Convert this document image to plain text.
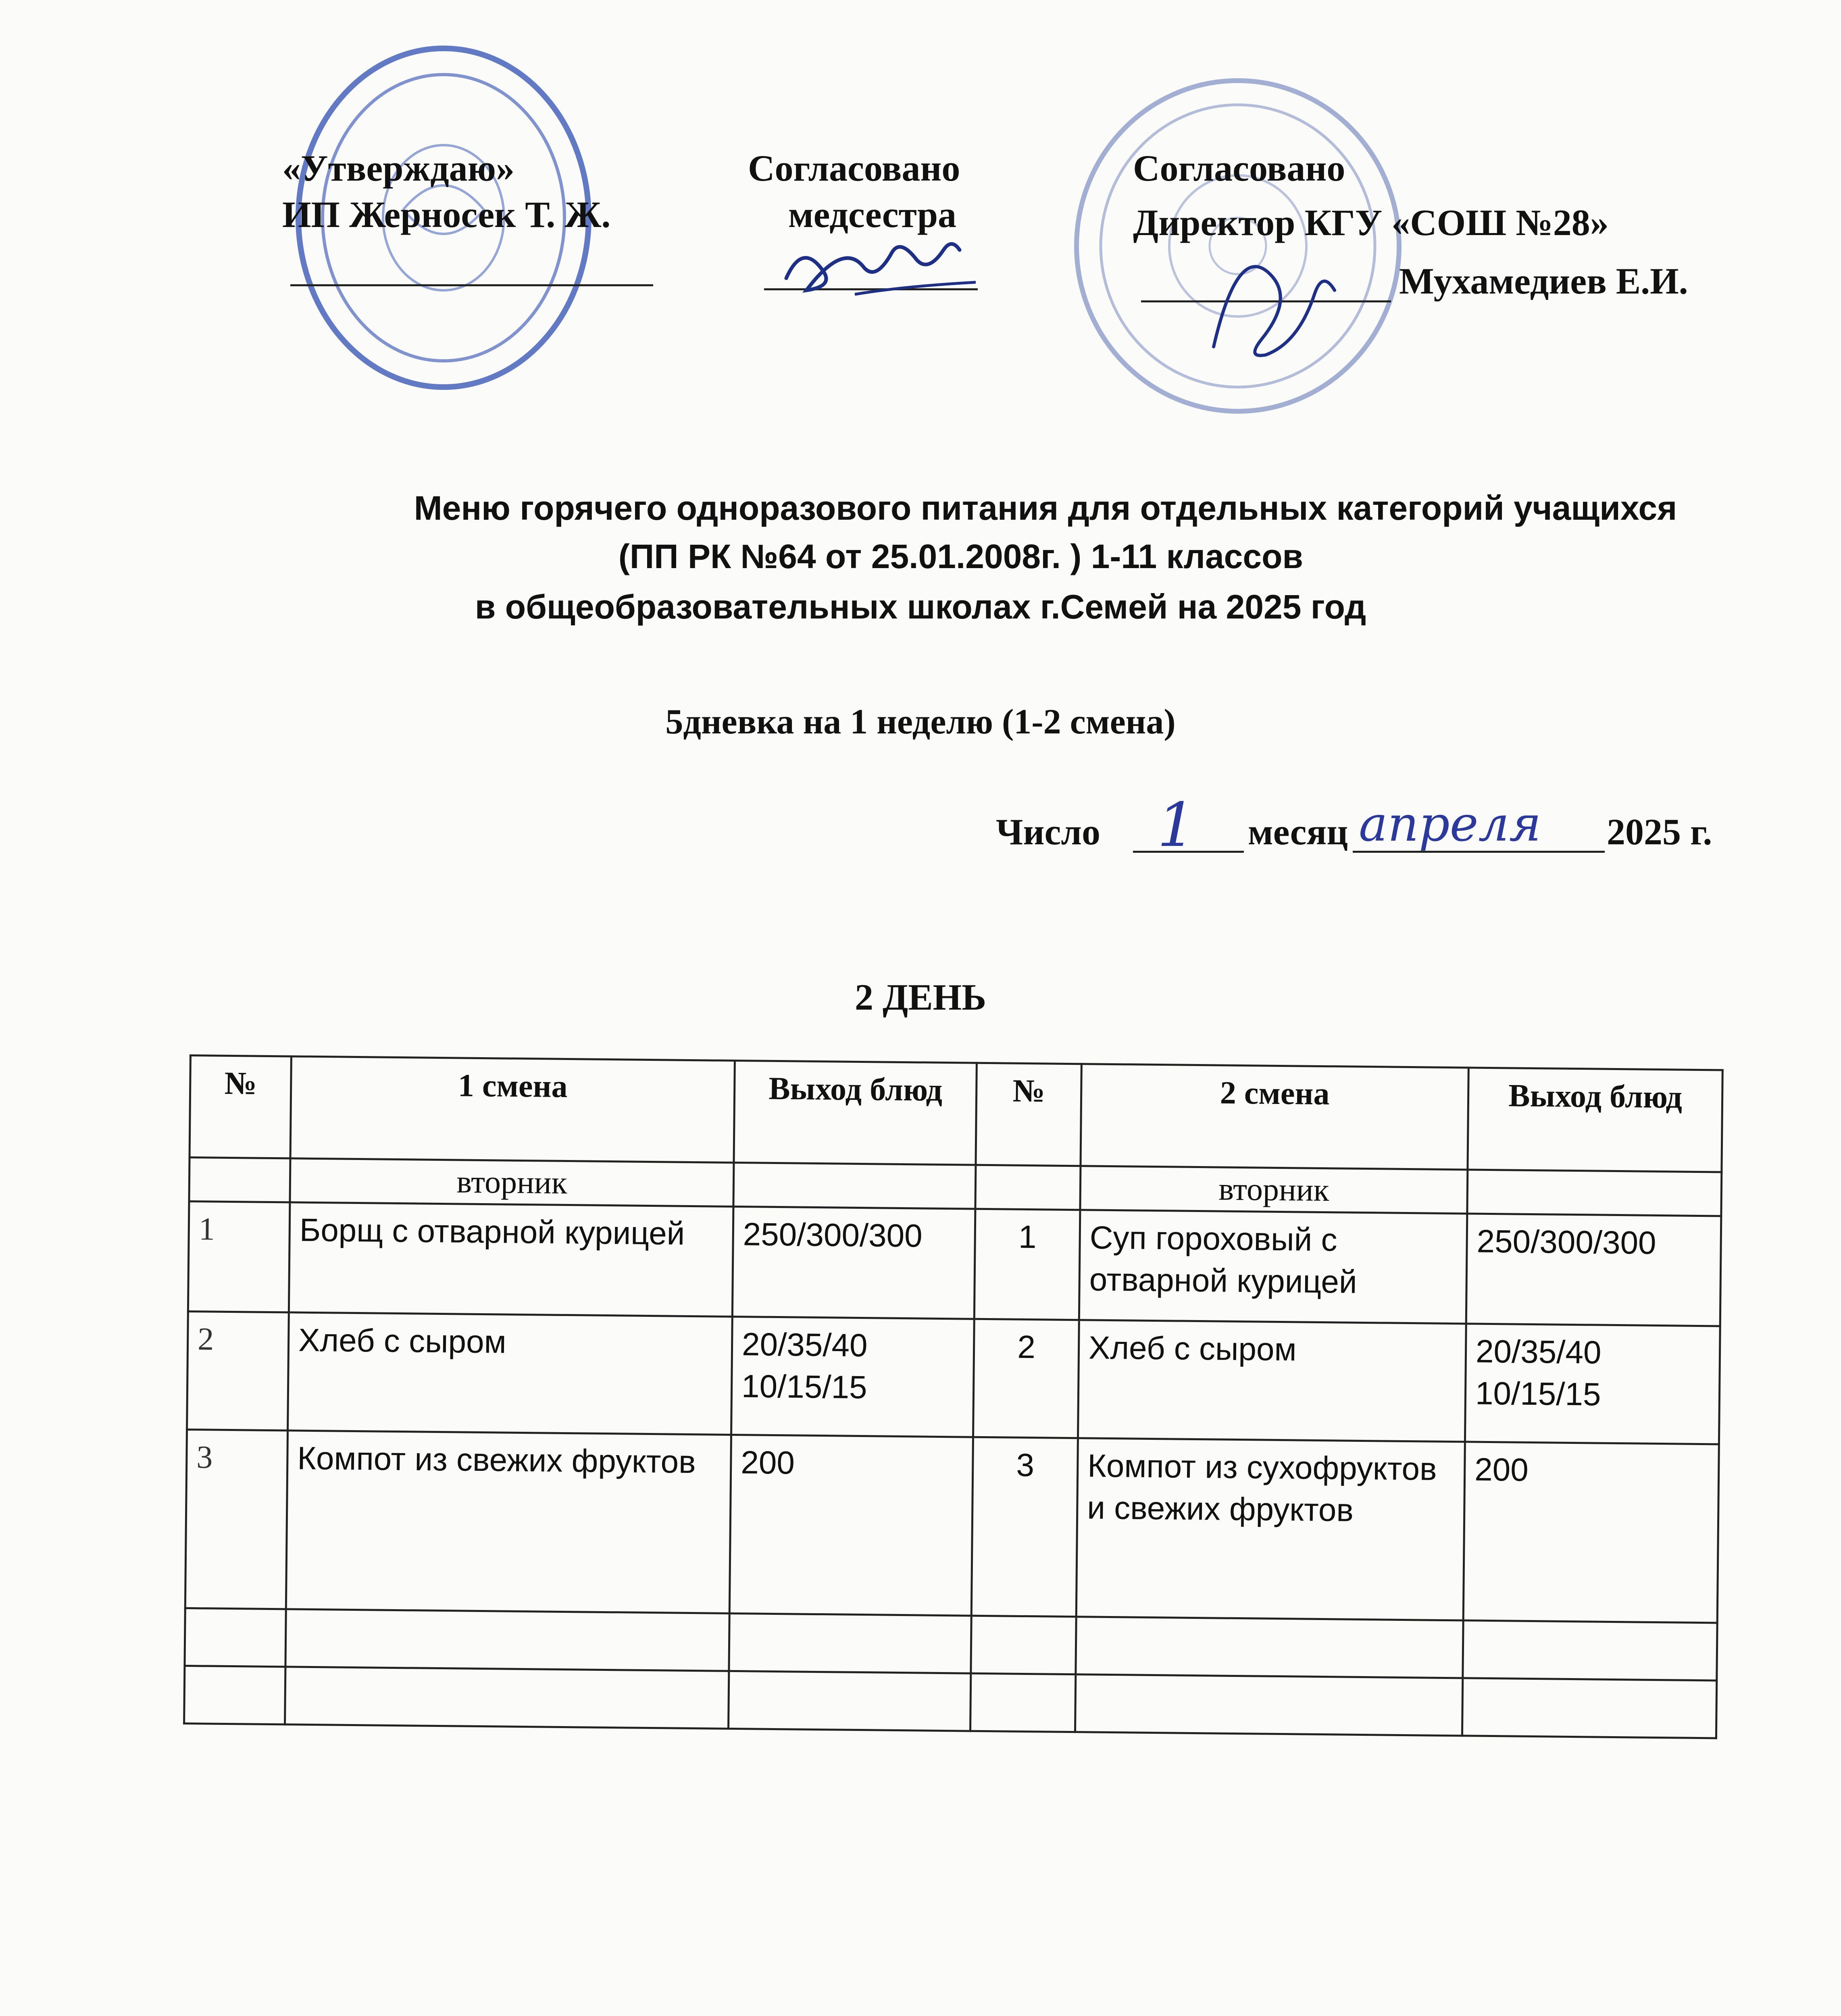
«Утверждаю»
ИП Жерносек Т. Ж.
Согласовано
медсестра
Согласовано
Директор КГУ «СОШ №28»
Мухамедиев Е.И.
Меню горячего одноразового питания для отдельных категорий учащихся
(ПП РК №64 от 25.01.2008г. ) 1-11 классов
в общеобразовательных школах г.Семей на 2025 год
5дневка на 1 неделю (1-2 смена)
Число 1 месяц апреля 2025 г.
2 ДЕНЬ
№	1 смена	Выход блюд	№	2 смена	Выход блюд
	вторник			вторник	
1	Борщ с отварной курицей	250/300/300	1	Суп гороховый с отварной курицей	250/300/300
2	Хлеб с сыром	20/35/40 10/15/15	2	Хлеб с сыром	20/35/40 10/15/15
3	Компот из свежих фруктов	200	3	Компот из сухофруктов и свежих фруктов	200
